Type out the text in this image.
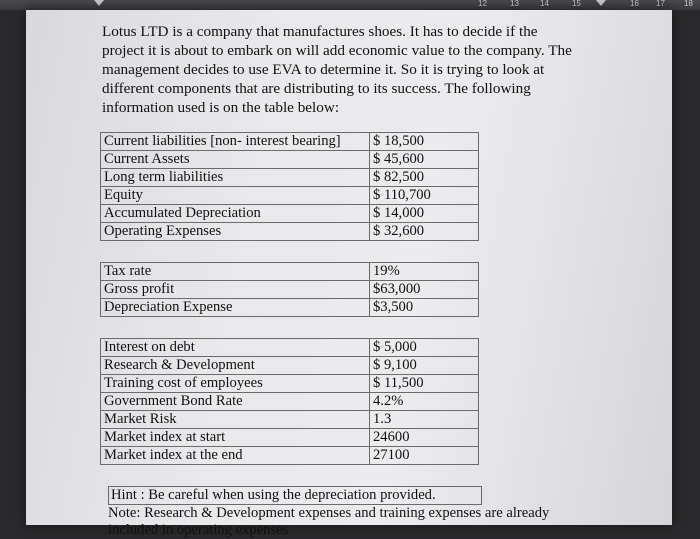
12	13	14	15	16 17 18
Lotus LTD is a company that manufactures shoes. It has to decide if the project it is about to embark on will add economic value to the company. The management decides to use EVA to determine it. So it is trying to look at different components that are distributing to its success. The following information used is on the table below:
Current liabilities [non- interest bearing]	$ 18,500
Current Assets	$ 45,600
Long term liabilities	$ 82,500
Equity	$ 110,700
Accumulated Depreciation	$ 14,000
Operating Expenses	$ 32,600

Tax rate	19%
Gross profit	$63,000
Depreciation Expense	$3,500

Interest on debt	$ 5,000
Research & Development	$ 9,100
Training cost of employees	$ 11,500
Government Bond Rate	4.2%
Market Risk	1.3
Market index at start	24600
Market index at the end	27100
Hint : Be careful when using the depreciation provided.
Note: Research & Development expenses and training expenses are already included in operating expenses
